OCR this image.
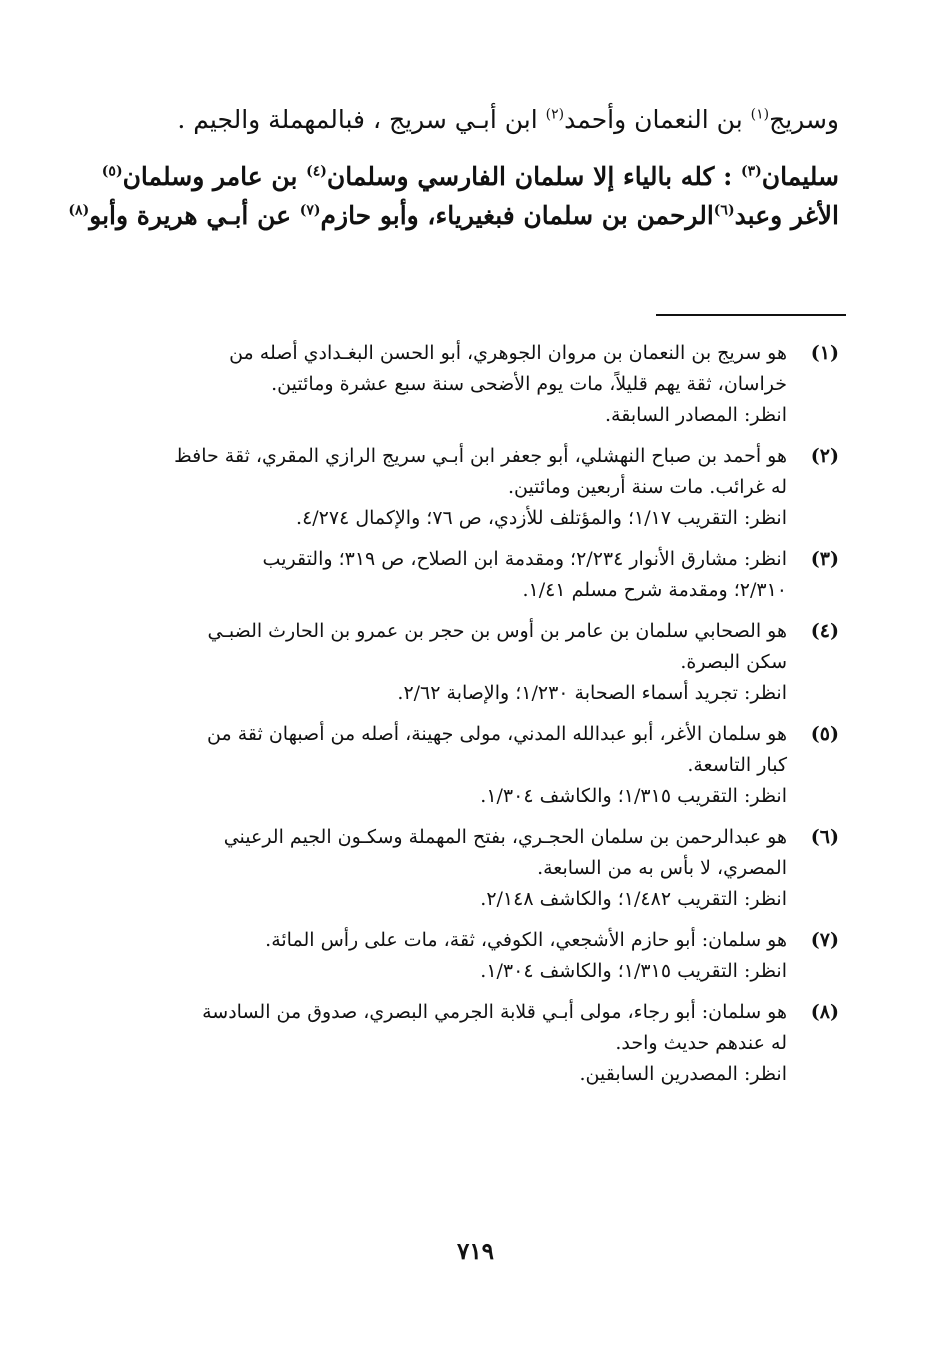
وسريج$^{(١)}$ بن النعمان وأحمد$^{(٢)}$ ابن أبـي سريج ، فبالمهملة والجيم .
سليمان$^{(٣)}$ : كله بالياء إلا سلمان الفارسي وسلمان$^{(٤)}$ بن عامر وسلمان$^{(٥)}$
الأغر وعبد$^{(٦)}$الرحمن بن سلمان فبغيرياء، وأبو حازم$^{(٧)}$ عن أبـي هريرة وأبو$^{(٨)}$
(١)
هو سريج بن النعمان بن مروان الجوهري، أبو الحسن البغـدادي أصله من
خراسان، ثقة يهم قليلاً، مات يوم الأضحى سنة سبع عشرة ومائتين.
انظر: المصادر السابقة.
(٢)
هو أحمد بن صباح النهشلي، أبو جعفر ابن أبـي سريج الرازي المقري، ثقة حافظ
له غرائب. مات سنة أربعين ومائتين.
انظر: التقريب ١/١٧؛ والمؤتلف للأزدي، ص ٧٦؛ والإكمال ٤/٢٧٤.
(٣)
انظر: مشارق الأنوار ٢/٢٣٤؛ ومقدمة ابن الصلاح، ص ٣١٩؛ والتقريب
٢/٣١٠؛ ومقدمة شرح مسلم ١/٤١.
(٤)
هو الصحابي سلمان بن عامر بن أوس بن حجر بن عمرو بن الحارث الضبـي
سكن البصرة.
انظر: تجريد أسماء الصحابة ١/٢٣٠؛ والإصابة ٢/٦٢.
(٥)
هو سلمان الأغر، أبو عبدالله المدني، مولى جهينة، أصله من أصبهان ثقة من
كبار التاسعة.
انظر: التقريب ١/٣١٥؛ والكاشف ١/٣٠٤.
(٦)
هو عبدالرحمن بن سلمان الحجـري، بفتح المهملة وسكـون الجيم الرعيني
المصري، لا بأس به من السابعة.
انظر: التقريب ١/٤٨٢؛ والكاشف ٢/١٤٨.
(٧)
هو سلمان: أبو حازم الأشجعي، الكوفي، ثقة، مات على رأس المائة.
انظر: التقريب ١/٣١٥؛ والكاشف ١/٣٠٤.
(٨)
هو سلمان: أبو رجاء، مولى أبـي قلابة الجرمي البصري، صدوق من السادسة
له عندهم حديث واحد.
انظر: المصدرين السابقين.
٧١٩
